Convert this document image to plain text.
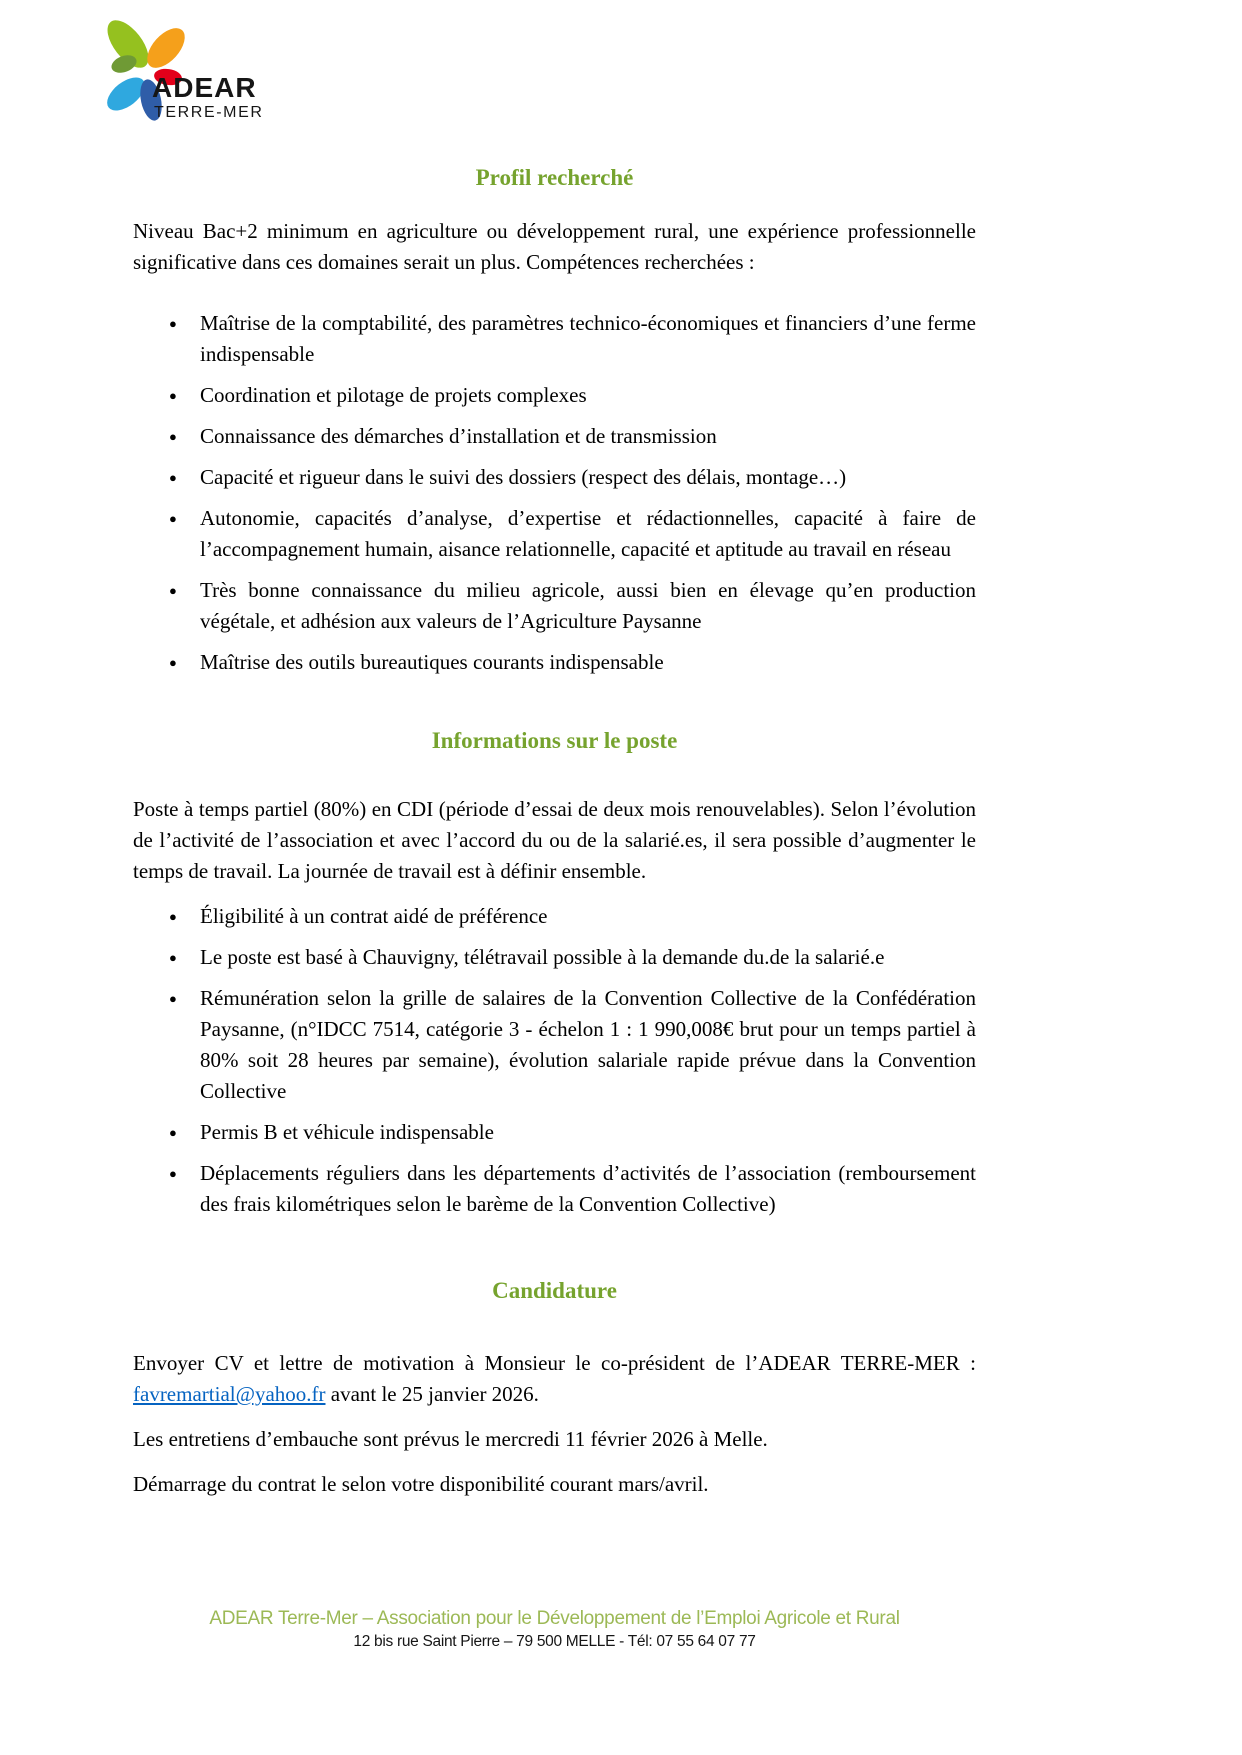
ADEAR
TERRE-MER
Profil recherché

Niveau Bac+2 minimum en agriculture ou développement rural, une expérience professionnelle significative dans ces domaines serait un plus. Compétences recherchées :

● Maîtrise de la comptabilité, des paramètres technico-économiques et financiers d’une ferme indispensable
● Coordination et pilotage de projets complexes
● Connaissance des démarches d’installation et de transmission
● Capacité et rigueur dans le suivi des dossiers (respect des délais, montage…)
● Autonomie, capacités d’analyse, d’expertise et rédactionnelles, capacité à faire de l’accompagnement humain, aisance relationnelle, capacité et aptitude au travail en réseau
● Très bonne connaissance du milieu agricole, aussi bien en élevage qu’en production végétale, et adhésion aux valeurs de l’Agriculture Paysanne
● Maîtrise des outils bureautiques courants indispensable
Informations sur le poste

Poste à temps partiel (80%) en CDI (période d’essai de deux mois renouvelables). Selon l’évolution de l’activité de l’association et avec l’accord du ou de la salarié.es, il sera possible d’augmenter le temps de travail. La journée de travail est à définir ensemble.

● Éligibilité à un contrat aidé de préférence
● Le poste est basé à Chauvigny, télétravail possible à la demande du.de la salarié.e
● Rémunération selon la grille de salaires de la Convention Collective de la Confédération Paysanne, (n°IDCC 7514, catégorie 3 - échelon 1 : 1 990,008€ brut pour un temps partiel à 80% soit 28 heures par semaine), évolution salariale rapide prévue dans la Convention Collective
● Permis B et véhicule indispensable
● Déplacements réguliers dans les départements d’activités de l’association (remboursement des frais kilométriques selon le barème de la Convention Collective)
Candidature

Envoyer CV et lettre de motivation à Monsieur le co-président de l’ADEAR TERRE-MER : favremartial@yahoo.fr avant le 25 janvier 2026.

Les entretiens d’embauche sont prévus le mercredi 11 février 2026 à Melle.

Démarrage du contrat le selon votre disponibilité courant mars/avril.

ADEAR Terre-Mer – Association pour le Développement de l’Emploi Agricole et Rural
12 bis rue Saint Pierre – 79 500 MELLE - Tél: 07 55 64 07 77
